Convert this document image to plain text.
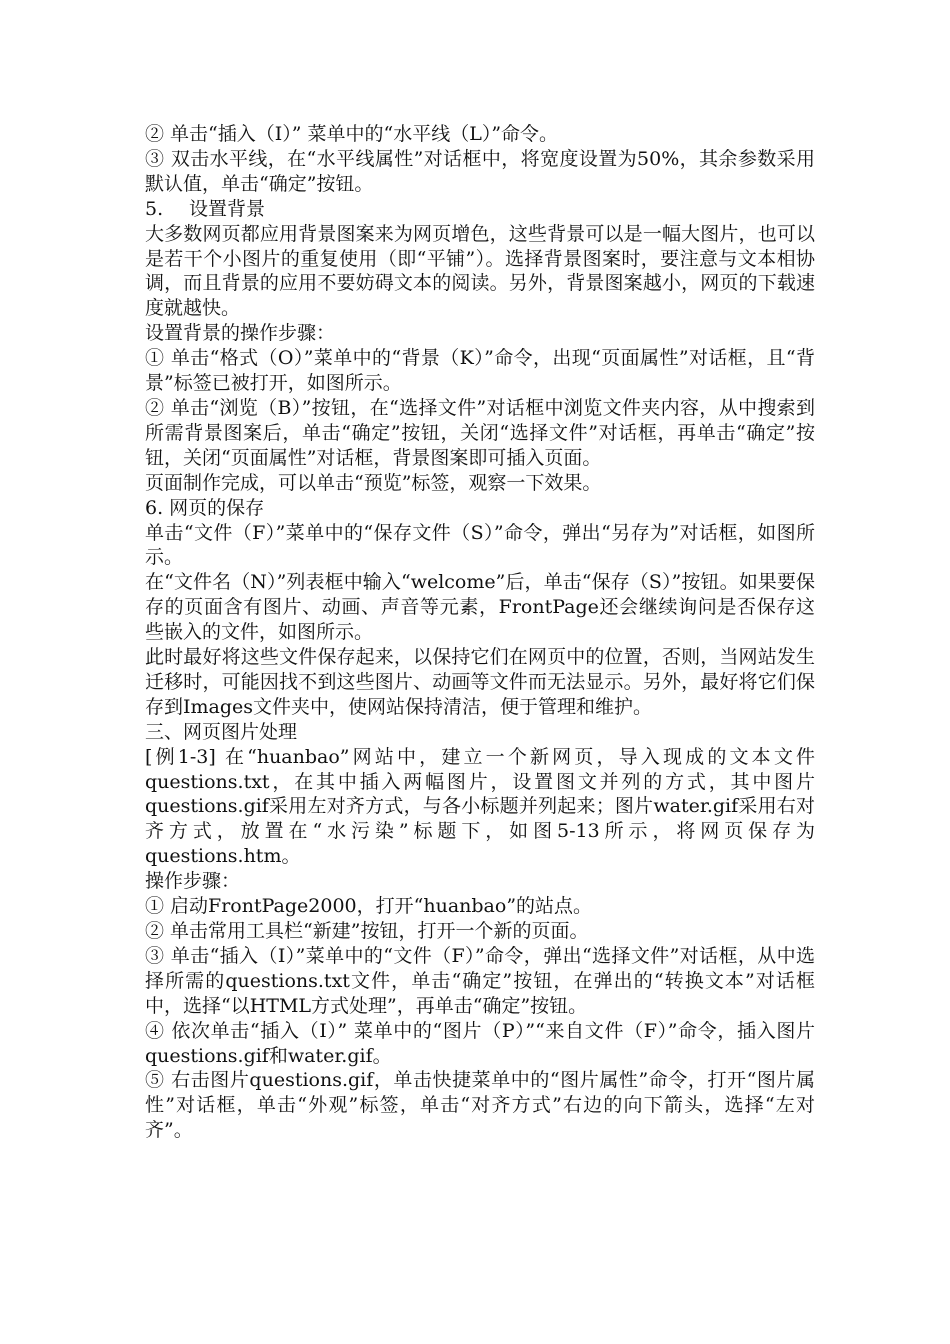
② 单击“插入（I）” 菜单中的“水平线（L）”命令。

③ 双击水平线，在“水平线属性”对话框中，将宽度设置为50%，其余参数采用默认值，单击“确定”按钮。

5. 设置背景

大多数网页都应用背景图案来为网页增色，这些背景可以是一幅大图片，也可以是若干个小图片的重复使用（即“平铺”）。选择背景图案时，要注意与文本相协调，而且背景的应用不要妨碍文本的阅读。另外，背景图案越小，网页的下载速度就越快。

设置背景的操作步骤：

① 单击“格式（O）”菜单中的“背景（K）”命令，出现“页面属性”对话框，且“背景”标签已被打开，如图所示。

② 单击“浏览（B）”按钮，在“选择文件”对话框中浏览文件夹内容，从中搜索到所需背景图案后，单击“确定”按钮，关闭“选择文件”对话框，再单击“确定”按钮，关闭“页面属性”对话框，背景图案即可插入页面。

页面制作完成，可以单击“预览”标签，观察一下效果。

6. 网页的保存

单击“文件（F）”菜单中的“保存文件（S）”命令，弹出“另存为”对话框，如图所示。

在“文件名（N）”列表框中输入“welcome”后，单击“保存（S）”按钮。如果要保存的页面含有图片、动画、声音等元素，FrontPage还会继续询问是否保存这些嵌入的文件，如图所示。

此时最好将这些文件保存起来，以保持它们在网页中的位置，否则，当网站发生迁移时，可能因找不到这些图片、动画等文件而无法显示。另外，最好将它们保存到Images文件夹中，使网站保持清洁，便于管理和维护。

三、网页图片处理

[例1-3] 在“huanbao”网站中，建立一个新网页，导入现成的文本文件questions.txt，在其中插入两幅图片，设置图文并列的方式，其中图片questions.gif采用左对齐方式，与各小标题并列起来；图片water.gif采用右对齐方式，放置在“水污染”标题下，如图5-13所示，将网页保存为questions.htm。

操作步骤：

① 启动FrontPage2000，打开“huanbao”的站点。

② 单击常用工具栏“新建”按钮，打开一个新的页面。

③ 单击“插入（I）”菜单中的“文件（F）”命令，弹出“选择文件”对话框，从中选择所需的questions.txt文件，单击“确定”按钮，在弹出的“转换文本”对话框中，选择“以HTML方式处理”，再单击“确定”按钮。

④ 依次单击“插入（I）” 菜单中的“图片（P）”“来自文件（F）”命令，插入图片questions.gif和water.gif。

⑤ 右击图片questions.gif，单击快捷菜单中的“图片属性”命令，打开“图片属性”对话框，单击“外观”标签，单击“对齐方式”右边的向下箭头，选择“左对齐”。
